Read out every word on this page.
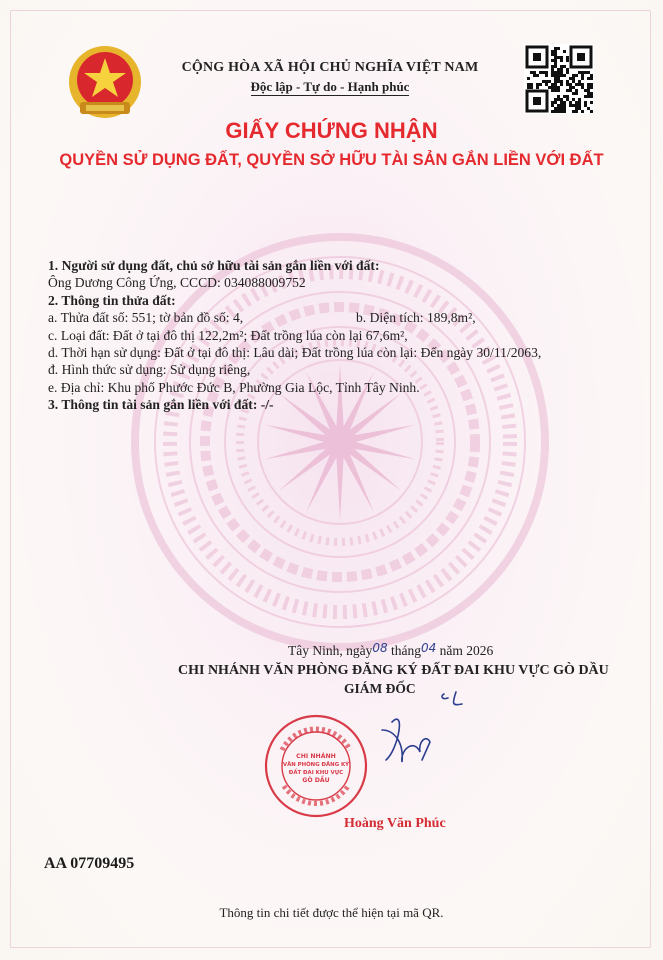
CỘNG HÒA XÃ HỘI CHỦ NGHĨA VIỆT NAM
Độc lập - Tự do - Hạnh phúc
GIẤY CHỨNG NHẬN
QUYỀN SỬ DỤNG ĐẤT, QUYỀN SỞ HỮU TÀI SẢN GẮN LIỀN VỚI ĐẤT
1. Người sử dụng đất, chủ sở hữu tài sản gắn liền với đất:
Ông Dương Công Ứng, CCCD: 034088009752
2. Thông tin thửa đất:
a. Thửa đất số: 551; tờ bản đồ số: 4,	b. Diện tích: 189,8m²,
c. Loại đất: Đất ở tại đô thị 122,2m²; Đất trồng lúa còn lại 67,6m²,
d. Thời hạn sử dụng: Đất ở tại đô thị: Lâu dài; Đất trồng lúa còn lại: Đến ngày 30/11/2063,
đ. Hình thức sử dụng: Sử dụng riêng,
e. Địa chỉ: Khu phố Phước Đức B, Phường Gia Lộc, Tỉnh Tây Ninh.
3. Thông tin tài sản gắn liền với đất: -/-
Tây Ninh, ngày08 tháng04 năm 2026
CHI NHÁNH VĂN PHÒNG ĐĂNG KÝ ĐẤT ĐAI KHU VỰC GÒ DẦU
GIÁM ĐỐC
CHI NHÁNH
VĂN PHÒNG ĐĂNG KÝ
ĐẤT ĐAI KHU VỰC
GÒ DẦU
Hoàng Văn Phúc
AA 07709495
Thông tin chi tiết được thể hiện tại mã QR.
